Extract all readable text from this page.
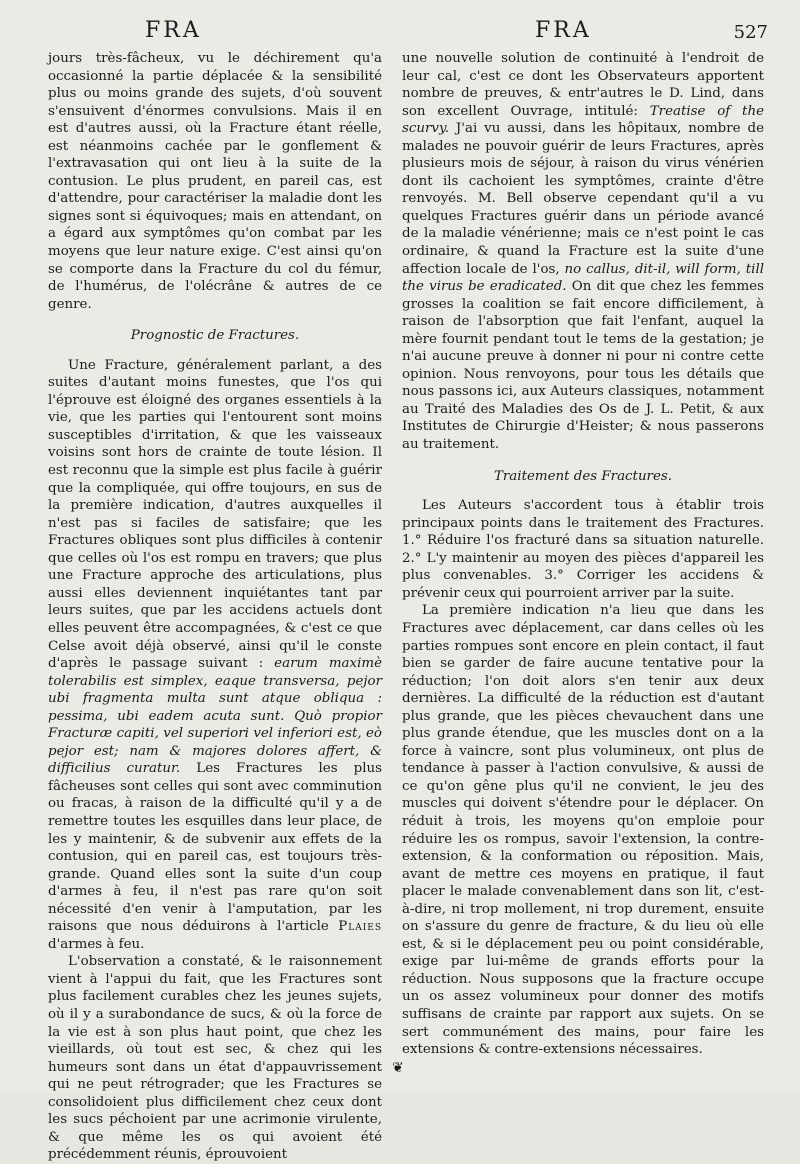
FRA	FRA	527

jours très-fâcheux, vu le déchirement qu'a occasionné la partie déplacée & la sensibilité plus ou moins grande des sujets, d'où souvent s'ensuivent d'énormes convulsions. Mais il en est d'autres aussi, où la Fracture étant réelle, est néanmoins cachée par le gonflement & l'extravasation qui ont lieu à la suite de la contusion. Le plus prudent, en pareil cas, est d'attendre, pour caractériser la maladie dont les signes sont si équivoques; mais en attendant, on a égard aux symptômes qu'on combat par les moyens que leur nature exige. C'est ainsi qu'on se comporte dans la Fracture du col du fémur, de l'humérus, de l'olécrâne & autres de ce genre.

Prognostic de Fractures.

Une Fracture, généralement parlant, a des suites d'autant moins funestes, que l'os qui l'éprouve est éloigné des organes essentiels à la vie, que les parties qui l'entourent sont moins susceptibles d'irritation, & que les vaisseaux voisins sont hors de crainte de toute lésion. Il est reconnu que la simple est plus facile à guérir que la compliquée, qui offre toujours, en sus de la première indication, d'autres auxquelles il n'est pas si faciles de satisfaire; que les Fractures obliques sont plus difficiles à contenir que celles où l'os est rompu en travers; que plus une Fracture approche des articulations, plus aussi elles deviennent inquiétantes tant par leurs suites, que par les accidens actuels dont elles peuvent être accompagnées, & c'est ce que Celse avoit déjà observé, ainsi qu'il le conste d'après le passage suivant : earum maximè tolerabilis est simplex, eaque transversa, pejor ubi fragmenta multa sunt atque obliqua : pessima, ubi eadem acuta sunt. Quò propior Fracturæ capiti, vel superiori vel inferiori est, eò pejor est; nam & majores dolores affert, & difficilius curatur. Les Fractures les plus fâcheuses sont celles qui sont avec comminution ou fracas, à raison de la difficulté qu'il y a de remettre toutes les esquilles dans leur place, de les y maintenir, & de subvenir aux effets de la contusion, qui en pareil cas, est toujours très-grande. Quand elles sont la suite d'un coup d'armes à feu, il n'est pas rare qu'on soit nécessité d'en venir à l'amputation, par les raisons que nous déduirons à l'article Plaies d'armes à feu.

L'observation a constaté, & le raisonnement vient à l'appui du fait, que les Fractures sont plus facilement curables chez les jeunes sujets, où il y a surabondance de sucs, & où la force de la vie est à son plus haut point, que chez les vieillards, où tout est sec, & chez qui les humeurs sont dans un état d'appauvrissement qui ne peut rétrograder; que les Fractures se consolidoient plus difficilement chez ceux dont les sucs péchoient par une acrimonie virulente, & que même les os qui avoient été précédemment réunis, éprouvoient

une nouvelle solution de continuité à l'endroit de leur cal, c'est ce dont les Observateurs apportent nombre de preuves, & entr'autres le D. Lind, dans son excellent Ouvrage, intitulé: Treatise of the scurvy. J'ai vu aussi, dans les hôpitaux, nombre de malades ne pouvoir guérir de leurs Fractures, après plusieurs mois de séjour, à raison du virus vénérien dont ils cachoient les symptômes, crainte d'être renvoyés. M. Bell observe cependant qu'il a vu quelques Fractures guérir dans un période avancé de la maladie vénérienne; mais ce n'est point le cas ordinaire, & quand la Fracture est la suite d'une affection locale de l'os, no callus, dit-il, will form, till the virus be eradicated. On dit que chez les femmes grosses la coalition se fait encore difficilement, à raison de l'absorption que fait l'enfant, auquel la mère fournit pendant tout le tems de la gestation; je n'ai aucune preuve à donner ni pour ni contre cette opinion. Nous renvoyons, pour tous les détails que nous passons ici, aux Auteurs classiques, notamment au Traité des Maladies des Os de J. L. Petit, & aux Institutes de Chirurgie d'Heister; & nous passerons au traitement.

Traitement des Fractures.

Les Auteurs s'accordent tous à établir trois principaux points dans le traitement des Fractures. 1.° Réduire l'os fracturé dans sa situation naturelle. 2.° L'y maintenir au moyen des pièces d'appareil les plus convenables. 3.° Corriger les accidens & prévenir ceux qui pourroient arriver par la suite.

La première indication n'a lieu que dans les Fractures avec déplacement, car dans celles où les parties rompues sont encore en plein contact, il faut bien se garder de faire aucune tentative pour la réduction; l'on doit alors s'en tenir aux deux dernières. La difficulté de la réduction est d'autant plus grande, que les pièces chevauchent dans une plus grande étendue, que les muscles dont on a la force à vaincre, sont plus volumineux, ont plus de tendance à passer à l'action convulsive, & aussi de ce qu'on gêne plus qu'il ne convient, le jeu des muscles qui doivent s'étendre pour le déplacer. On réduit à trois, les moyens qu'on emploie pour réduire les os rompus, savoir l'extension, la contre-extension, & la conformation ou réposition. Mais, avant de mettre ces moyens en pratique, il faut placer le malade convenablement dans son lit, c'est-à-dire, ni trop mollement, ni trop durement, ensuite on s'assure du genre de fracture, & du lieu où elle est, & si le déplacement peu ou point considérable, exige par lui-même de grands efforts pour la réduction. Nous supposons que la fracture occupe un os assez volumineux pour donner des motifs suffisans de crainte par rapport aux sujets. On se sert communément des mains, pour faire les extensions & contre-extensions nécessaires.

❦
